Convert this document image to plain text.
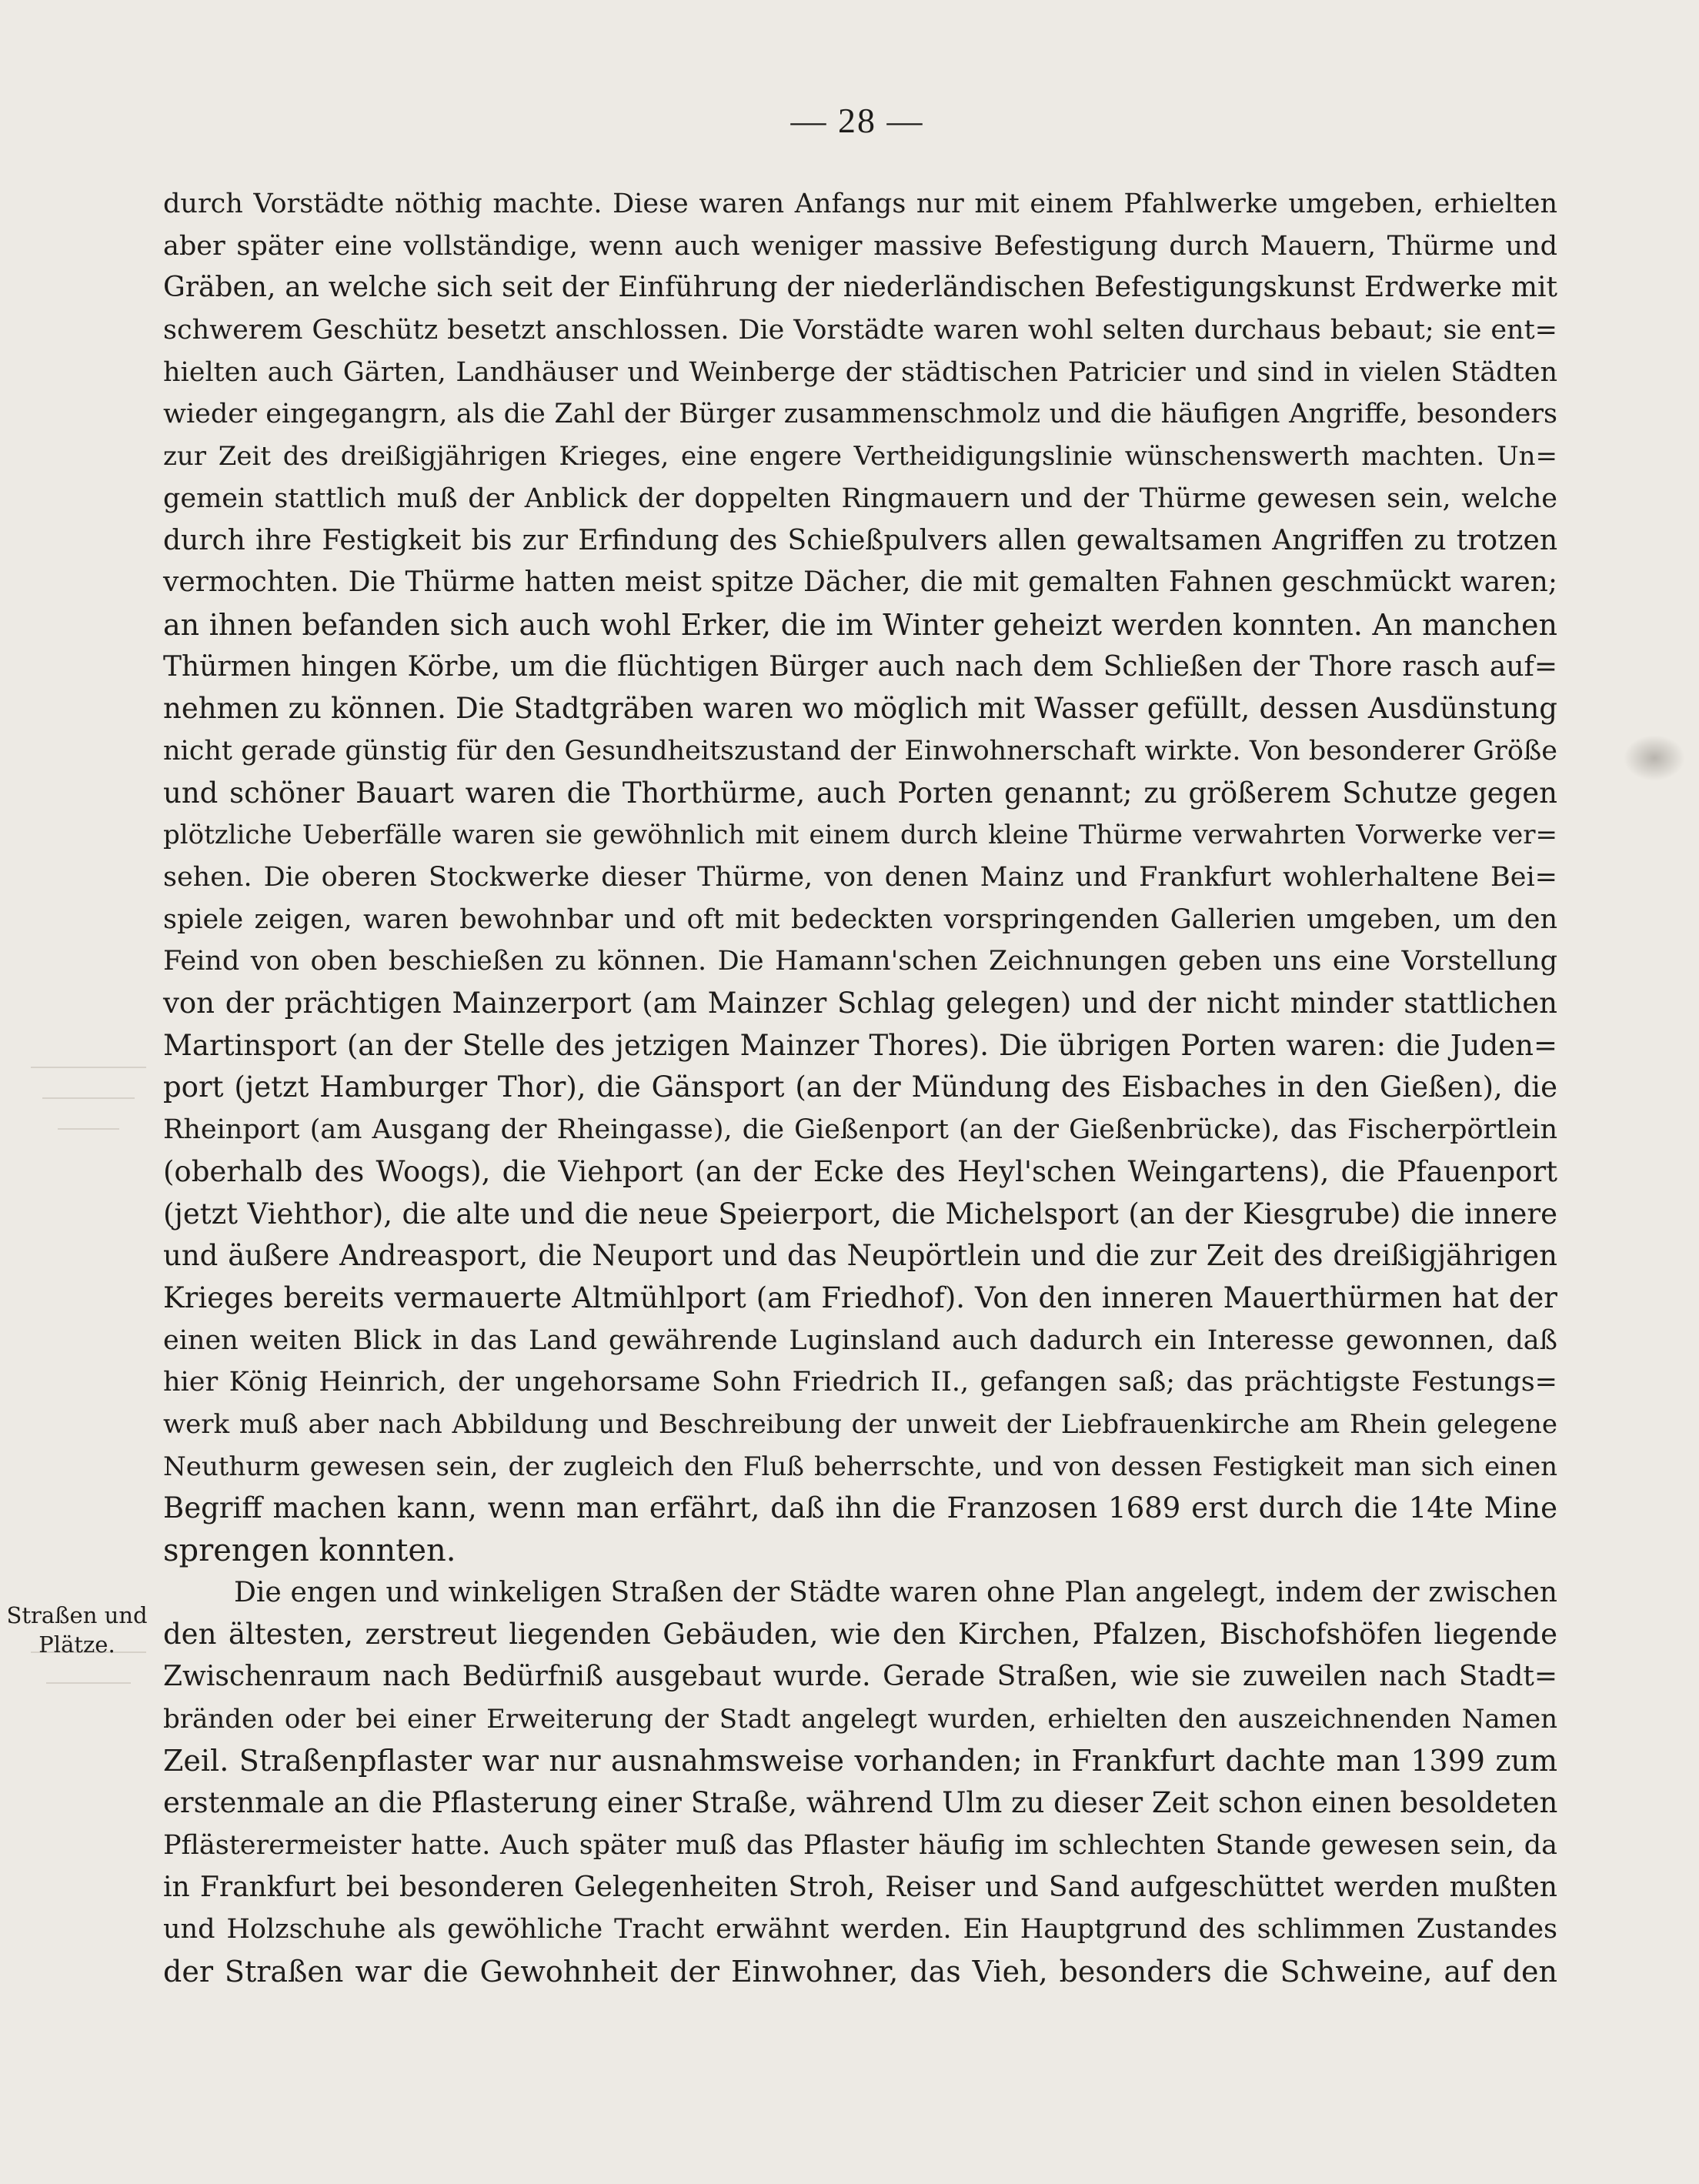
— 28 —
Straßen und
Plätze.
durch Vorstädte nöthig machte. Diese waren Anfangs nur mit einem Pfahlwerke umgeben, erhielten
aber später eine vollständige, wenn auch weniger massive Befestigung durch Mauern, Thürme und
Gräben, an welche sich seit der Einführung der niederländischen Befestigungskunst Erdwerke mit
schwerem Geschütz besetzt anschlossen. Die Vorstädte waren wohl selten durchaus bebaut; sie ent=
hielten auch Gärten, Landhäuser und Weinberge der städtischen Patricier und sind in vielen Städten
wieder eingegangrn, als die Zahl der Bürger zusammenschmolz und die häufigen Angriffe, besonders
zur Zeit des dreißigjährigen Krieges, eine engere Vertheidigungslinie wünschenswerth machten. Un=
gemein stattlich muß der Anblick der doppelten Ringmauern und der Thürme gewesen sein, welche
durch ihre Festigkeit bis zur Erfindung des Schießpulvers allen gewaltsamen Angriffen zu trotzen
vermochten. Die Thürme hatten meist spitze Dächer, die mit gemalten Fahnen geschmückt waren;
an ihnen befanden sich auch wohl Erker, die im Winter geheizt werden konnten. An manchen
Thürmen hingen Körbe, um die flüchtigen Bürger auch nach dem Schließen der Thore rasch auf=
nehmen zu können. Die Stadtgräben waren wo möglich mit Wasser gefüllt, dessen Ausdünstung
nicht gerade günstig für den Gesundheitszustand der Einwohnerschaft wirkte. Von besonderer Größe
und schöner Bauart waren die Thorthürme, auch Porten genannt; zu größerem Schutze gegen
plötzliche Ueberfälle waren sie gewöhnlich mit einem durch kleine Thürme verwahrten Vorwerke ver=
sehen. Die oberen Stockwerke dieser Thürme, von denen Mainz und Frankfurt wohlerhaltene Bei=
spiele zeigen, waren bewohnbar und oft mit bedeckten vorspringenden Gallerien umgeben, um den
Feind von oben beschießen zu können. Die Hamann'schen Zeichnungen geben uns eine Vorstellung
von der prächtigen Mainzerport (am Mainzer Schlag gelegen) und der nicht minder stattlichen
Martinsport (an der Stelle des jetzigen Mainzer Thores). Die übrigen Porten waren: die Juden=
port (jetzt Hamburger Thor), die Gänsport (an der Mündung des Eisbaches in den Gießen), die
Rheinport (am Ausgang der Rheingasse), die Gießenport (an der Gießenbrücke), das Fischerpörtlein
(oberhalb des Woogs), die Viehport (an der Ecke des Heyl'schen Weingartens), die Pfauenport
(jetzt Viehthor), die alte und die neue Speierport, die Michelsport (an der Kiesgrube) die innere
und äußere Andreasport, die Neuport und das Neupörtlein und die zur Zeit des dreißigjährigen
Krieges bereits vermauerte Altmühlport (am Friedhof). Von den inneren Mauerthürmen hat der
einen weiten Blick in das Land gewährende Luginsland auch dadurch ein Interesse gewonnen, daß
hier König Heinrich, der ungehorsame Sohn Friedrich II., gefangen saß; das prächtigste Festungs=
werk muß aber nach Abbildung und Beschreibung der unweit der Liebfrauenkirche am Rhein gelegene
Neuthurm gewesen sein, der zugleich den Fluß beherrschte, und von dessen Festigkeit man sich einen
Begriff machen kann, wenn man erfährt, daß ihn die Franzosen 1689 erst durch die 14te Mine
sprengen konnten.
Die engen und winkeligen Straßen der Städte waren ohne Plan angelegt, indem der zwischen
den ältesten, zerstreut liegenden Gebäuden, wie den Kirchen, Pfalzen, Bischofshöfen liegende
Zwischenraum nach Bedürfniß ausgebaut wurde. Gerade Straßen, wie sie zuweilen nach Stadt=
bränden oder bei einer Erweiterung der Stadt angelegt wurden, erhielten den auszeichnenden Namen
Zeil. Straßenpflaster war nur ausnahmsweise vorhanden; in Frankfurt dachte man 1399 zum
erstenmale an die Pflasterung einer Straße, während Ulm zu dieser Zeit schon einen besoldeten
Pflästerermeister hatte. Auch später muß das Pflaster häufig im schlechten Stande gewesen sein, da
in Frankfurt bei besonderen Gelegenheiten Stroh, Reiser und Sand aufgeschüttet werden mußten
und Holzschuhe als gewöhliche Tracht erwähnt werden. Ein Hauptgrund des schlimmen Zustandes
der Straßen war die Gewohnheit der Einwohner, das Vieh, besonders die Schweine, auf den
